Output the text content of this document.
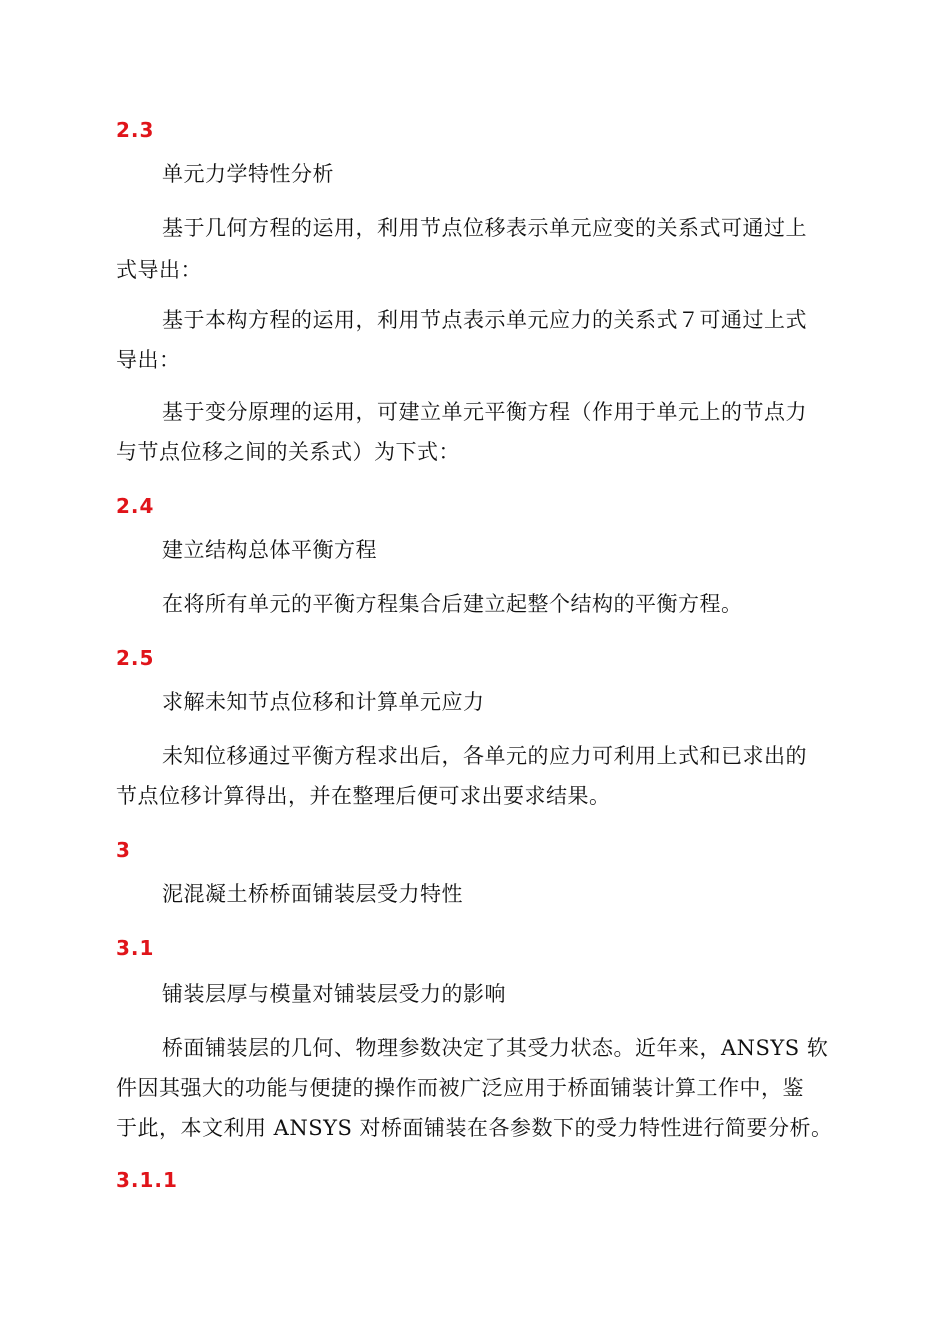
2.3
单元力学特性分析
基于几何方程的运用，利用节点位移表示单元应变的关系式可通过上
式导出：
基于本构方程的运用，利用节点表示单元应力的关系式７可通过上式
导出：
基于变分原理的运用，可建立单元平衡方程（作用于单元上的节点力
与节点位移之间的关系式）为下式：
2.4
建立结构总体平衡方程
在将所有单元的平衡方程集合后建立起整个结构的平衡方程。
2.5
求解未知节点位移和计算单元应力
未知位移通过平衡方程求出后，各单元的应力可利用上式和已求出的
节点位移计算得出，并在整理后便可求出要求结果。
3
泥混凝土桥桥面铺装层受力特性
3.1
铺装层厚与模量对铺装层受力的影响
桥面铺装层的几何、物理参数决定了其受力状态。近年来，ANSYS 软
件因其强大的功能与便捷的操作而被广泛应用于桥面铺装计算工作中，鉴
于此，本文利用 ANSYS 对桥面铺装在各参数下的受力特性进行简要分析。
3.1.1
